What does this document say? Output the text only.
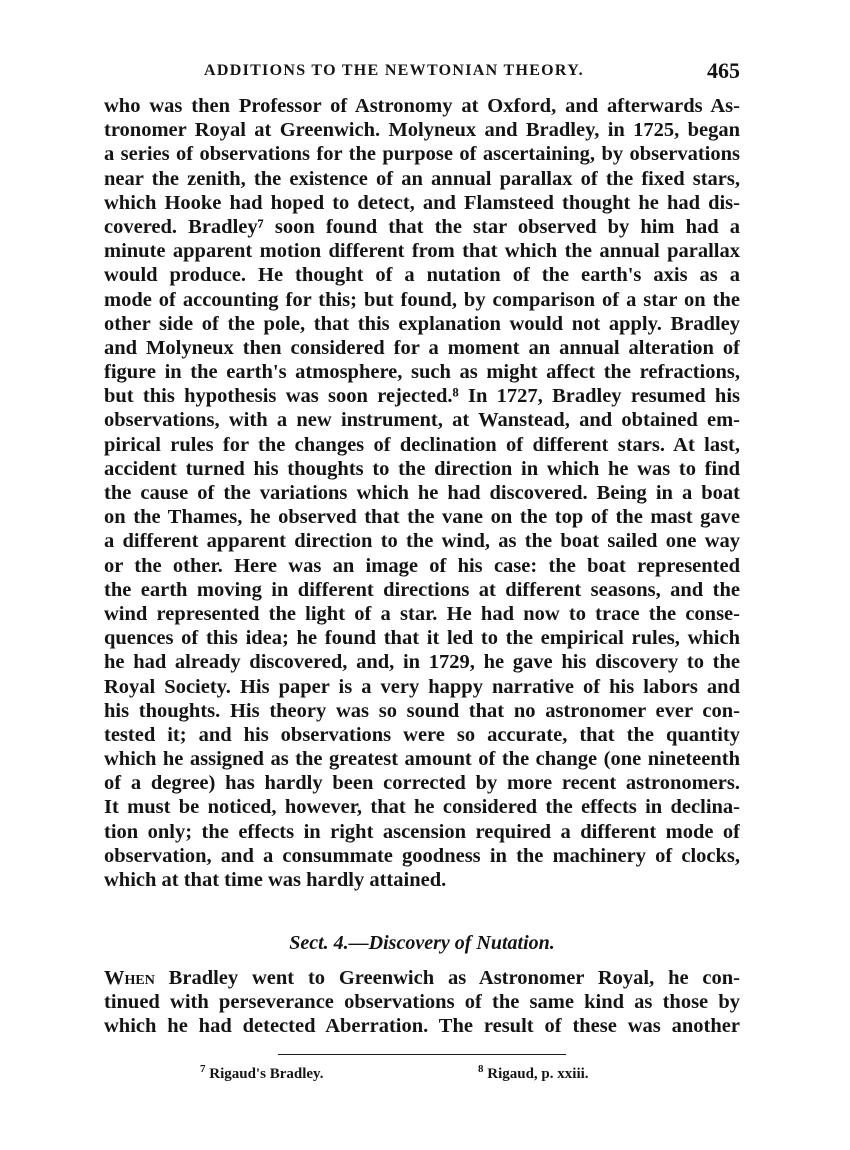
ADDITIONS TO THE NEWTONIAN THEORY.	465
who was then Professor of Astronomy at Oxford, and afterwards As-
tronomer Royal at Greenwich. Molyneux and Bradley, in 1725, began
a series of observations for the purpose of ascertaining, by observations
near the zenith, the existence of an annual parallax of the fixed stars,
which Hooke had hoped to detect, and Flamsteed thought he had dis-
covered. Bradley⁷ soon found that the star observed by him had a
minute apparent motion different from that which the annual parallax
would produce. He thought of a nutation of the earth's axis as a
mode of accounting for this; but found, by comparison of a star on the
other side of the pole, that this explanation would not apply. Bradley
and Molyneux then considered for a moment an annual alteration of
figure in the earth's atmosphere, such as might affect the refractions,
but this hypothesis was soon rejected.⁸ In 1727, Bradley resumed his
observations, with a new instrument, at Wanstead, and obtained em-
pirical rules for the changes of declination of different stars. At last,
accident turned his thoughts to the direction in which he was to find
the cause of the variations which he had discovered. Being in a boat
on the Thames, he observed that the vane on the top of the mast gave
a different apparent direction to the wind, as the boat sailed one way
or the other. Here was an image of his case: the boat represented
the earth moving in different directions at different seasons, and the
wind represented the light of a star. He had now to trace the conse-
quences of this idea; he found that it led to the empirical rules, which
he had already discovered, and, in 1729, he gave his discovery to the
Royal Society. His paper is a very happy narrative of his labors and
his thoughts. His theory was so sound that no astronomer ever con-
tested it; and his observations were so accurate, that the quantity
which he assigned as the greatest amount of the change (one nineteenth
of a degree) has hardly been corrected by more recent astronomers.
It must be noticed, however, that he considered the effects in declina-
tion only; the effects in right ascension required a different mode of
observation, and a consummate goodness in the machinery of clocks,
which at that time was hardly attained.
Sect. 4.—Discovery of Nutation.
When Bradley went to Greenwich as Astronomer Royal, he con-
tinued with perseverance observations of the same kind as those by
which he had detected Aberration. The result of these was another
$^7$ Rigaud's Bradley.	$^8$ Rigaud, p. xxiii.
